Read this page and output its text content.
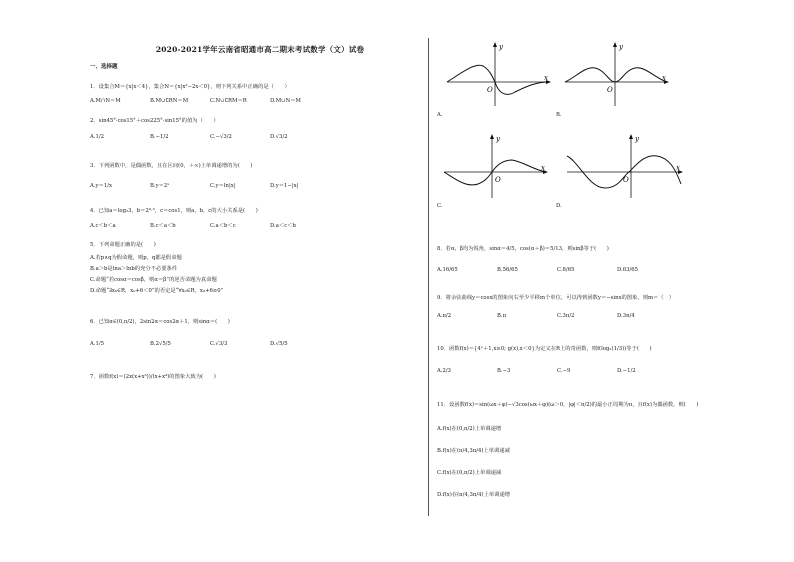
2020-2021学年云南省昭通市高二期末考试数学（文）试卷
一、选择题
1．设集合M＝{x|x＜4}，集合N＝{x|x²−2x＜0}，则下列关系中正确的是（　　）
A.M∩N＝M	B.M∪∁RN＝M	C.N∪∁RM＝R	D.M∪N＝M
2．sin45°·cos15°＋cos225°·sin15°的值为（　　）
A.1/2	B.−1/2	C.−√3/2	D.√3/2
3．下列函数中，是偶函数，且在区间(0，＋∞)上单调递增的为(　　)
A.y＝1/x	B.y＝2ˣ	C.y＝ln|x|	D.y＝1−|x|
4．已知a＝log₂3，b＝2⁰·³，c＝cos1，则a，b，c的大小关系是(　　)
A.c＜b＜a	B.c＜a＜b	C.a＜b＜c	D.a＜c＜b
5．下列命题正确的是(　　)
A.若p∧q为假命题，则p，q都是假命题
B.a＞b是lna＞lnb的充分不必要条件
C.命题“若cosα＝cosβ，则α＝β”的逆否命题为真命题
D.命题“∃x₀∈R，x₀+6＜0”的否定是“∀x₀∈R，x₀+6≥0”
6．已知α∈(0,π/2)，2sin2α＝cos2α＋1，则sinα＝(　　)
A.1/5	B.2√5/5	C.√3/3	D.√5/5
7．函数f(x)＝(2x(x+x³))/(x+x⁴)的图象大致为(　　)
y
x
O
A.
y
x
O
B.
y
x
O
C.
y
x
O
D.
8．若α，β均为锐角，sinα＝4/5，cos(α＋β)＝5/13，则sinβ等于(　　)
A.16/65	B.56/65	C.8/65	D.63/65
9．将余弦曲线y＝cosx的图象向右至少平移m个单位，可以得到函数y＝−sinx的图象，则m＝（　）
A.π/2	B.π	C.3π/2	D.3π/4
10．函数f(x)＝{4ˣ＋1,x≥0; g(x),x＜0}为定义在R上的奇函数，则f(log₂(1/3))等于(　　)
A.2/3	B.−3	C.−9	D.−1/2
11．设函数f(x)＝sin(ωx＋φ)−√3cos(ωx＋φ)(ω＞0，|φ|＜π/2)的最小正周期为π，且f(x)为偶函数，则(　　)
A.f(x)在(0,π/2)上单调递增
B.f(x)在(π/4,3π/4)上单调递减
C.f(x)在(0,π/2)上单调递减
D.f(x)在(π/4,3π/4)上单调递增
